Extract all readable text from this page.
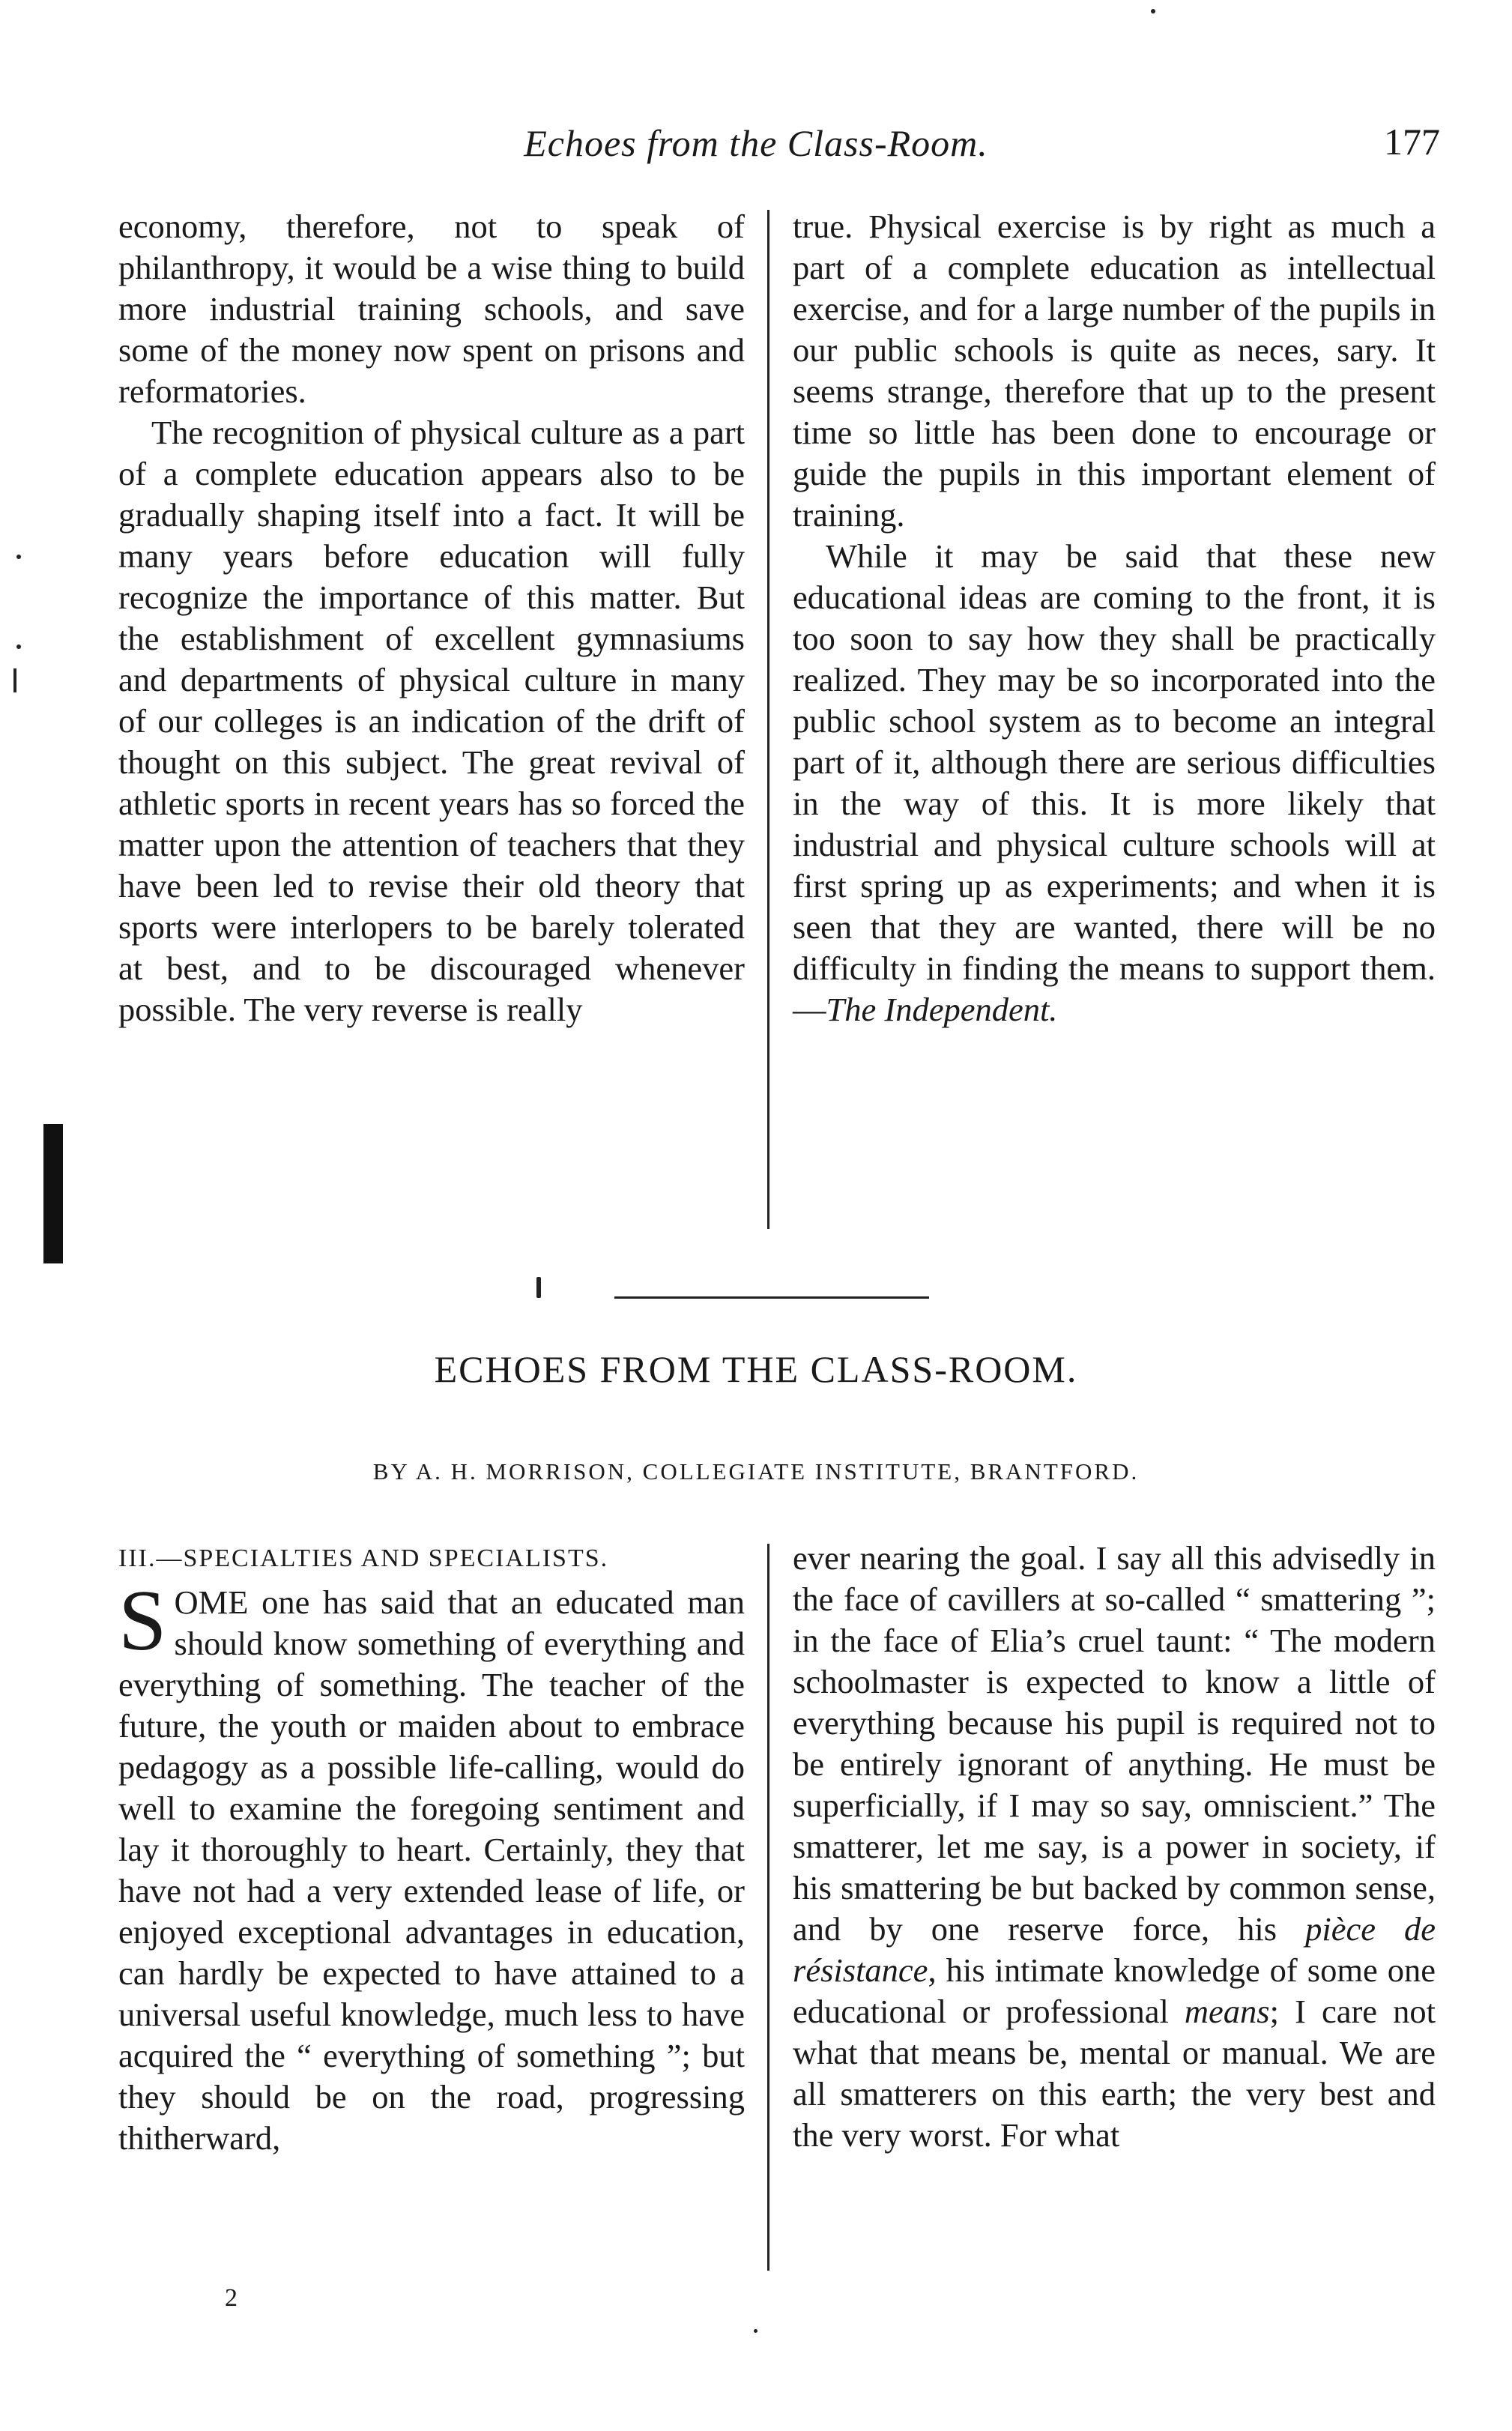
Echoes from the Class-Room.	177

economy, therefore, not to speak of philanthropy, it would be a wise thing to build more industrial training schools, and save some of the money now spent on prisons and reformatories.

The recognition of physical culture as a part of a complete education appears also to be gradually shaping itself into a fact. It will be many years before education will fully recognize the importance of this matter. But the establishment of excellent gymnasiums and departments of physical culture in many of our colleges is an indication of the drift of thought on this subject. The great revival of athletic sports in recent years has so forced the matter upon the attention of teachers that they have been led to revise their old theory that sports were interlopers to be barely tolerated at best, and to be discouraged whenever possible. The very reverse is really

true. Physical exercise is by right as much a part of a complete education as intellectual exercise, and for a large number of the pupils in our public schools is quite as neces, sary. It seems strange, therefore that up to the present time so little has been done to encourage or guide the pupils in this important element of training.

While it may be said that these new educational ideas are coming to the front, it is too soon to say how they shall be practically realized. They may be so incorporated into the public school system as to become an integral part of it, although there are serious difficulties in the way of this. It is more likely that industrial and physical culture schools will at first spring up as experiments; and when it is seen that they are wanted, there will be no difficulty in finding the means to support them.—The Independent.

ECHOES FROM THE CLASS-ROOM.
BY A. H. MORRISON, COLLEGIATE INSTITUTE, BRANTFORD.
III.—SPECIALTIES AND SPECIALISTS.

SOME one has said that an educated man should know something of everything and everything of something. The teacher of the future, the youth or maiden about to embrace pedagogy as a possible life-calling, would do well to examine the foregoing sentiment and lay it thoroughly to heart. Certainly, they that have not had a very extended lease of life, or enjoyed exceptional advantages in education, can hardly be expected to have attained to a universal useful knowledge, much less to have acquired the “ everything of something ”; but they should be on the road, progressing thitherward,

ever nearing the goal. I say all this advisedly in the face of cavillers at so-called “ smattering ”; in the face of Elia’s cruel taunt: “ The modern schoolmaster is expected to know a little of everything because his pupil is required not to be entirely ignorant of anything. He must be superficially, if I may so say, omniscient.” The smatterer, let me say, is a power in society, if his smattering be but backed by common sense, and by one reserve force, his pièce de résistance, his intimate knowledge of some one educational or professional means; I care not what that means be, mental or manual. We are all smatterers on this earth; the very best and the very worst. For what

2
